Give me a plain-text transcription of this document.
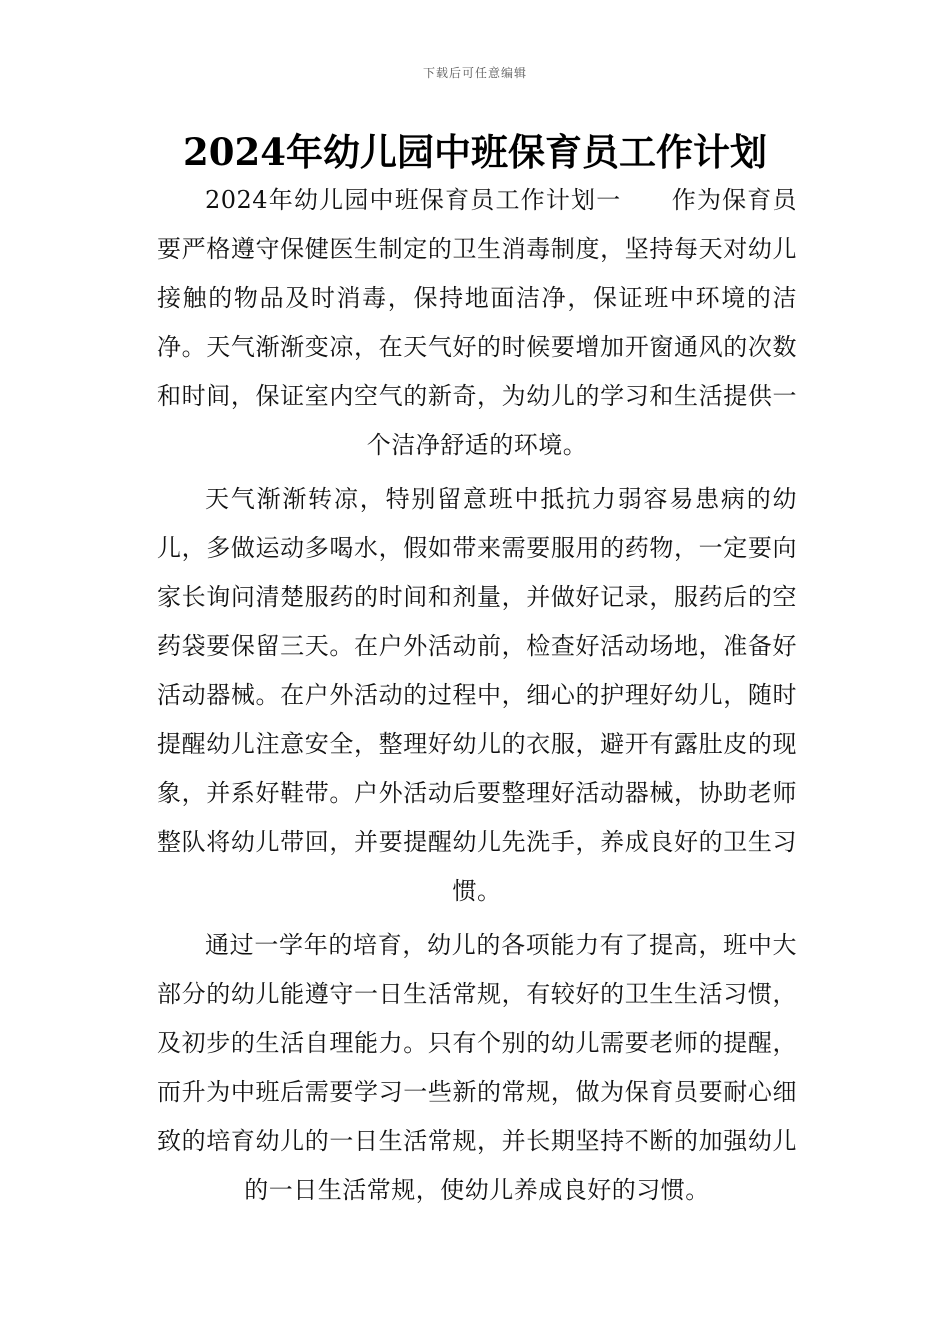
下载后可任意编辑
2024年幼儿园中班保育员工作计划

2024年幼儿园中班保育员工作计划一　　作为保育员要严格遵守保健医生制定的卫生消毒制度，坚持每天对幼儿接触的物品及时消毒，保持地面洁净，保证班中环境的洁净。天气渐渐变凉，在天气好的时候要增加开窗通风的次数和时间，保证室内空气的新奇，为幼儿的学习和生活提供一个洁净舒适的环境。

天气渐渐转凉，特别留意班中抵抗力弱容易患病的幼儿，多做运动多喝水，假如带来需要服用的药物，一定要向家长询问清楚服药的时间和剂量，并做好记录，服药后的空药袋要保留三天。在户外活动前，检查好活动场地，准备好活动器械。在户外活动的过程中，细心的护理好幼儿，随时提醒幼儿注意安全，整理好幼儿的衣服，避开有露肚皮的现象，并系好鞋带。户外活动后要整理好活动器械，协助老师整队将幼儿带回，并要提醒幼儿先洗手，养成良好的卫生习惯。

通过一学年的培育，幼儿的各项能力有了提高，班中大部分的幼儿能遵守一日生活常规，有较好的卫生生活习惯，及初步的生活自理能力。只有个别的幼儿需要老师的提醒，而升为中班后需要学习一些新的常规，做为保育员要耐心细致的培育幼儿的一日生活常规，并长期坚持不断的加强幼儿的一日生活常规，使幼儿养成良好的习惯。
